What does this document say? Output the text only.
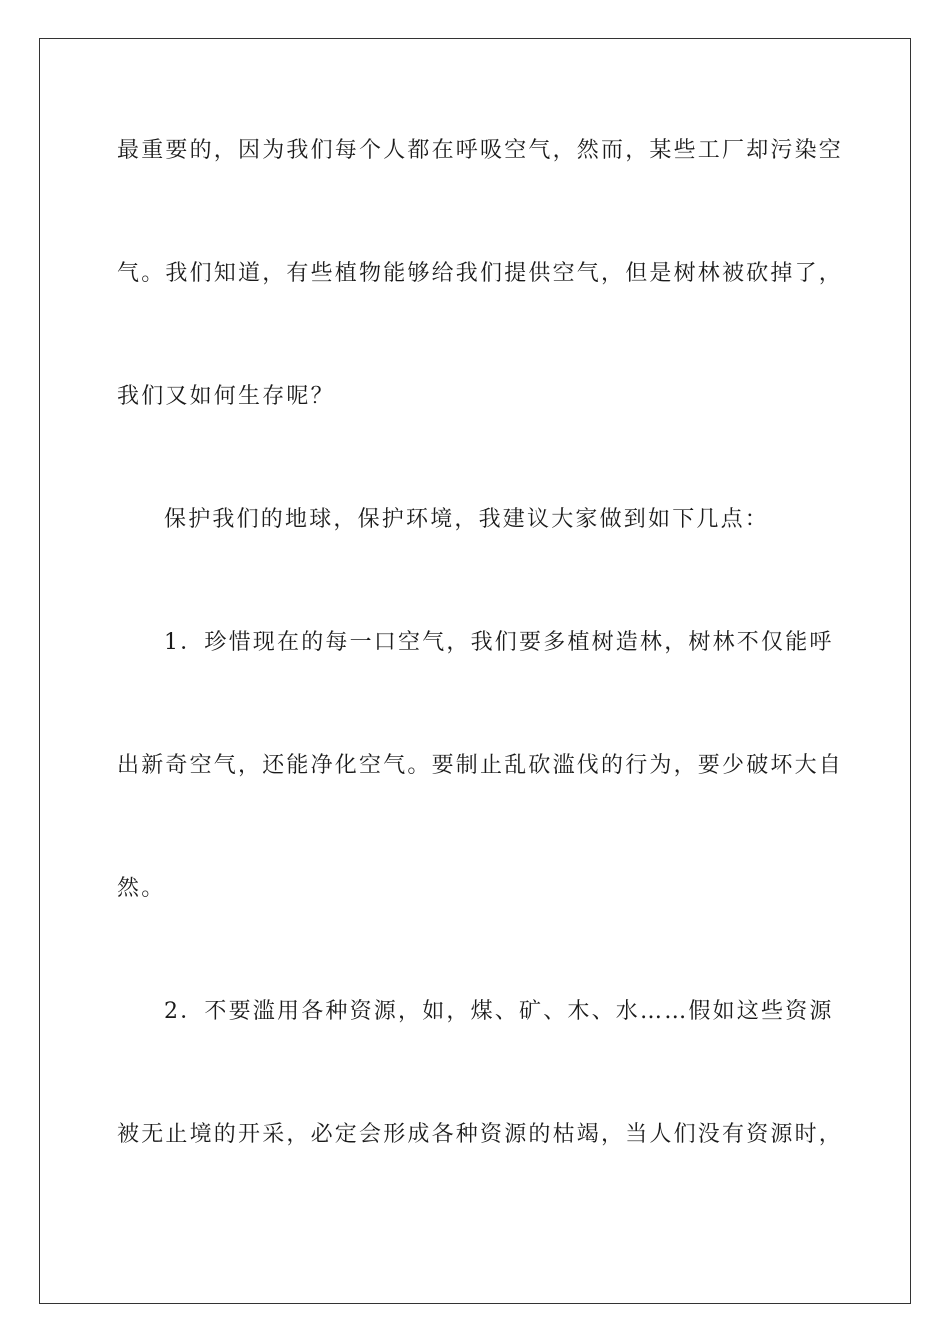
最重要的，因为我们每个人都在呼吸空气，然而，某些工厂却污染空
气。我们知道，有些植物能够给我们提供空气，但是树林被砍掉了，
我们又如何生存呢？
保护我们的地球，保护环境，我建议大家做到如下几点：
1．珍惜现在的每一口空气，我们要多植树造林，树林不仅能呼
出新奇空气，还能净化空气。要制止乱砍滥伐的行为，要少破坏大自
然。
2．不要滥用各种资源，如，煤、矿、木、水……假如这些资源
被无止境的开采，必定会形成各种资源的枯竭，当人们没有资源时，
